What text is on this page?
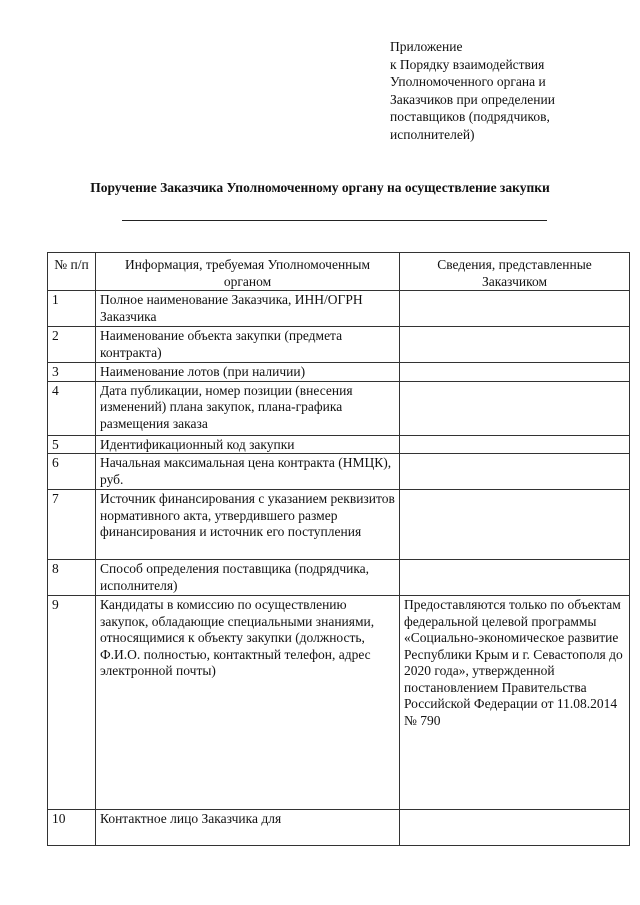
Приложение
к Порядку взаимодействия
Уполномоченного органа и
Заказчиков при определении
поставщиков (подрядчиков,
исполнителей)
Поручение Заказчика Уполномоченному органу на осуществление закупки
№ п/п	Информация, требуемая Уполномоченным органом	Сведения, представленные Заказчиком
1	Полное наименование Заказчика, ИНН/ОГРН Заказчика	
2	Наименование объекта закупки (предмета контракта)	
3	Наименование лотов (при наличии)	
4	Дата публикации, номер позиции (внесения изменений) плана закупок, плана-графика размещения заказа	
5	Идентификационный код закупки	
6	Начальная максимальная цена контракта (НМЦК), руб.	
7	Источник финансирования с указанием реквизитов нормативного акта, утвердившего размер финансирования и источник его поступления	
8	Способ определения поставщика (подрядчика, исполнителя)	
9	Кандидаты в комиссию по осуществлению закупок, обладающие специальными знаниями, относящимися к объекту закупки (должность, Ф.И.О. полностью, контактный телефон, адрес электронной почты)	Предоставляются только по объектам федеральной целевой программы «Социально-экономическое развитие Республики Крым и г. Севастополя до 2020 года», утвержденной постановлением Правительства Российской Федерации от 11.08.2014 № 790
10	Контактное лицо Заказчика для	
